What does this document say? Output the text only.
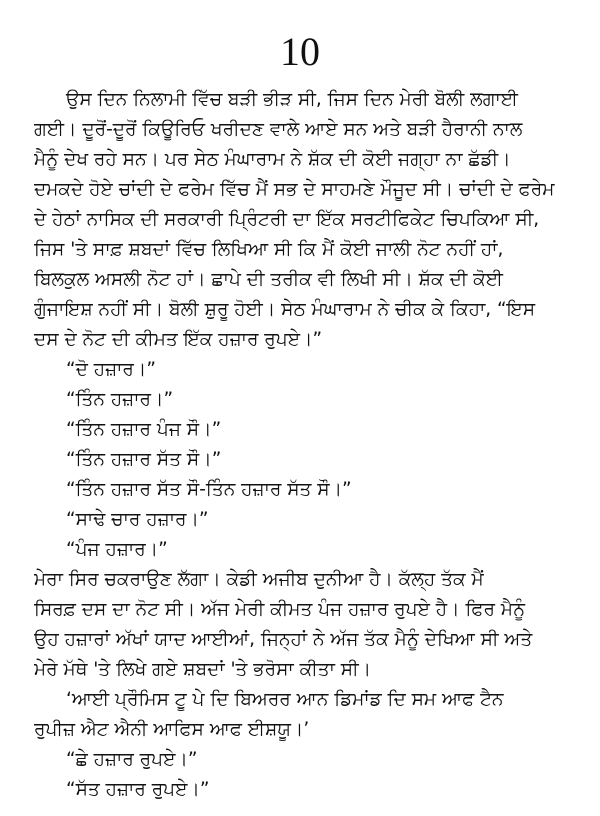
10
ਉਸ ਦਿਨ ਨਿਲਾਮੀ ਵਿੱਚ ਬੜੀ ਭੀੜ ਸੀ, ਜਿਸ ਦਿਨ ਮੇਰੀ ਬੋਲੀ ਲਗਾਈ
ਗਈ। ਦੂਰੋਂ-ਦੂਰੋਂ ਕਿਊਰਿਓ ਖਰੀਦਣ ਵਾਲੇ ਆਏ ਸਨ ਅਤੇ ਬੜੀ ਹੈਰਾਨੀ ਨਾਲ
ਮੈਨੂੰ ਦੇਖ ਰਹੇ ਸਨ। ਪਰ ਸੇਠ ਮੰਘਾਰਾਮ ਨੇ ਸ਼ੱਕ ਦੀ ਕੋਈ ਜਗ੍ਹਾ ਨਾ ਛੱਡੀ।
ਦਮਕਦੇ ਹੋਏ ਚਾਂਦੀ ਦੇ ਫਰੇਮ ਵਿੱਚ ਮੈਂ ਸਭ ਦੇ ਸਾਹਮਣੇ ਮੌਜੂਦ ਸੀ। ਚਾਂਦੀ ਦੇ ਫਰੇਮ
ਦੇ ਹੇਠਾਂ ਨਾਸਿਕ ਦੀ ਸਰਕਾਰੀ ਪ੍ਰਿੰਟਰੀ ਦਾ ਇੱਕ ਸਰਟੀਫਿਕੇਟ ਚਿਪਕਿਆ ਸੀ,
ਜਿਸ 'ਤੇ ਸਾਫ਼ ਸ਼ਬਦਾਂ ਵਿੱਚ ਲਿਖਿਆ ਸੀ ਕਿ ਮੈਂ ਕੋਈ ਜਾਲੀ ਨੋਟ ਨਹੀਂ ਹਾਂ,
ਬਿਲਕੁਲ ਅਸਲੀ ਨੋਟ ਹਾਂ। ਛਾਪੇ ਦੀ ਤਰੀਕ ਵੀ ਲਿਖੀ ਸੀ। ਸ਼ੱਕ ਦੀ ਕੋਈ
ਗੁੰਜਾਇਸ਼ ਨਹੀਂ ਸੀ। ਬੋਲੀ ਸ਼ੁਰੂ ਹੋਈ। ਸੇਠ ਮੰਘਾਰਾਮ ਨੇ ਚੀਕ ਕੇ ਕਿਹਾ, “ਇਸ
ਦਸ ਦੇ ਨੋਟ ਦੀ ਕੀਮਤ ਇੱਕ ਹਜ਼ਾਰ ਰੁਪਏ।”
“ਦੋ ਹਜ਼ਾਰ।”
“ਤਿੰਨ ਹਜ਼ਾਰ।”
“ਤਿੰਨ ਹਜ਼ਾਰ ਪੰਜ ਸੌ।”
“ਤਿੰਨ ਹਜ਼ਾਰ ਸੱਤ ਸੌ।”
“ਤਿੰਨ ਹਜ਼ਾਰ ਸੱਤ ਸੌ-ਤਿੰਨ ਹਜ਼ਾਰ ਸੱਤ ਸੌ।”
“ਸਾਢੇ ਚਾਰ ਹਜ਼ਾਰ।”
“ਪੰਜ ਹਜ਼ਾਰ।”
ਮੇਰਾ ਸਿਰ ਚਕਰਾਉਣ ਲੱਗਾ। ਕੇਡੀ ਅਜੀਬ ਦੁਨੀਆ ਹੈ। ਕੱਲ੍ਹ ਤੱਕ ਮੈਂ
ਸਿਰਫ਼ ਦਸ ਦਾ ਨੋਟ ਸੀ। ਅੱਜ ਮੇਰੀ ਕੀਮਤ ਪੰਜ ਹਜ਼ਾਰ ਰੁਪਏ ਹੈ। ਫਿਰ ਮੈਨੂੰ
ਉਹ ਹਜ਼ਾਰਾਂ ਅੱਖਾਂ ਯਾਦ ਆਈਆਂ, ਜਿਨ੍ਹਾਂ ਨੇ ਅੱਜ ਤੱਕ ਮੈਨੂੰ ਦੇਖਿਆ ਸੀ ਅਤੇ
ਮੇਰੇ ਮੱਥੇ 'ਤੇ ਲਿਖੇ ਗਏ ਸ਼ਬਦਾਂ 'ਤੇ ਭਰੋਸਾ ਕੀਤਾ ਸੀ।
‘ਆਈ ਪ੍ਰੌਮਿਸ ਟੂ ਪੇ ਦਿ ਬਿਅਰਰ ਆਨ ਡਿਮਾਂਡ ਦਿ ਸਮ ਆਫ ਟੈਨ
ਰੁਪੀਜ਼ ਐਟ ਐਨੀ ਆਫਿਸ ਆਫ ਈਸ਼ਯੂ।’
“ਛੇ ਹਜ਼ਾਰ ਰੁਪਏ।”
“ਸੱਤ ਹਜ਼ਾਰ ਰੁਪਏ।”
